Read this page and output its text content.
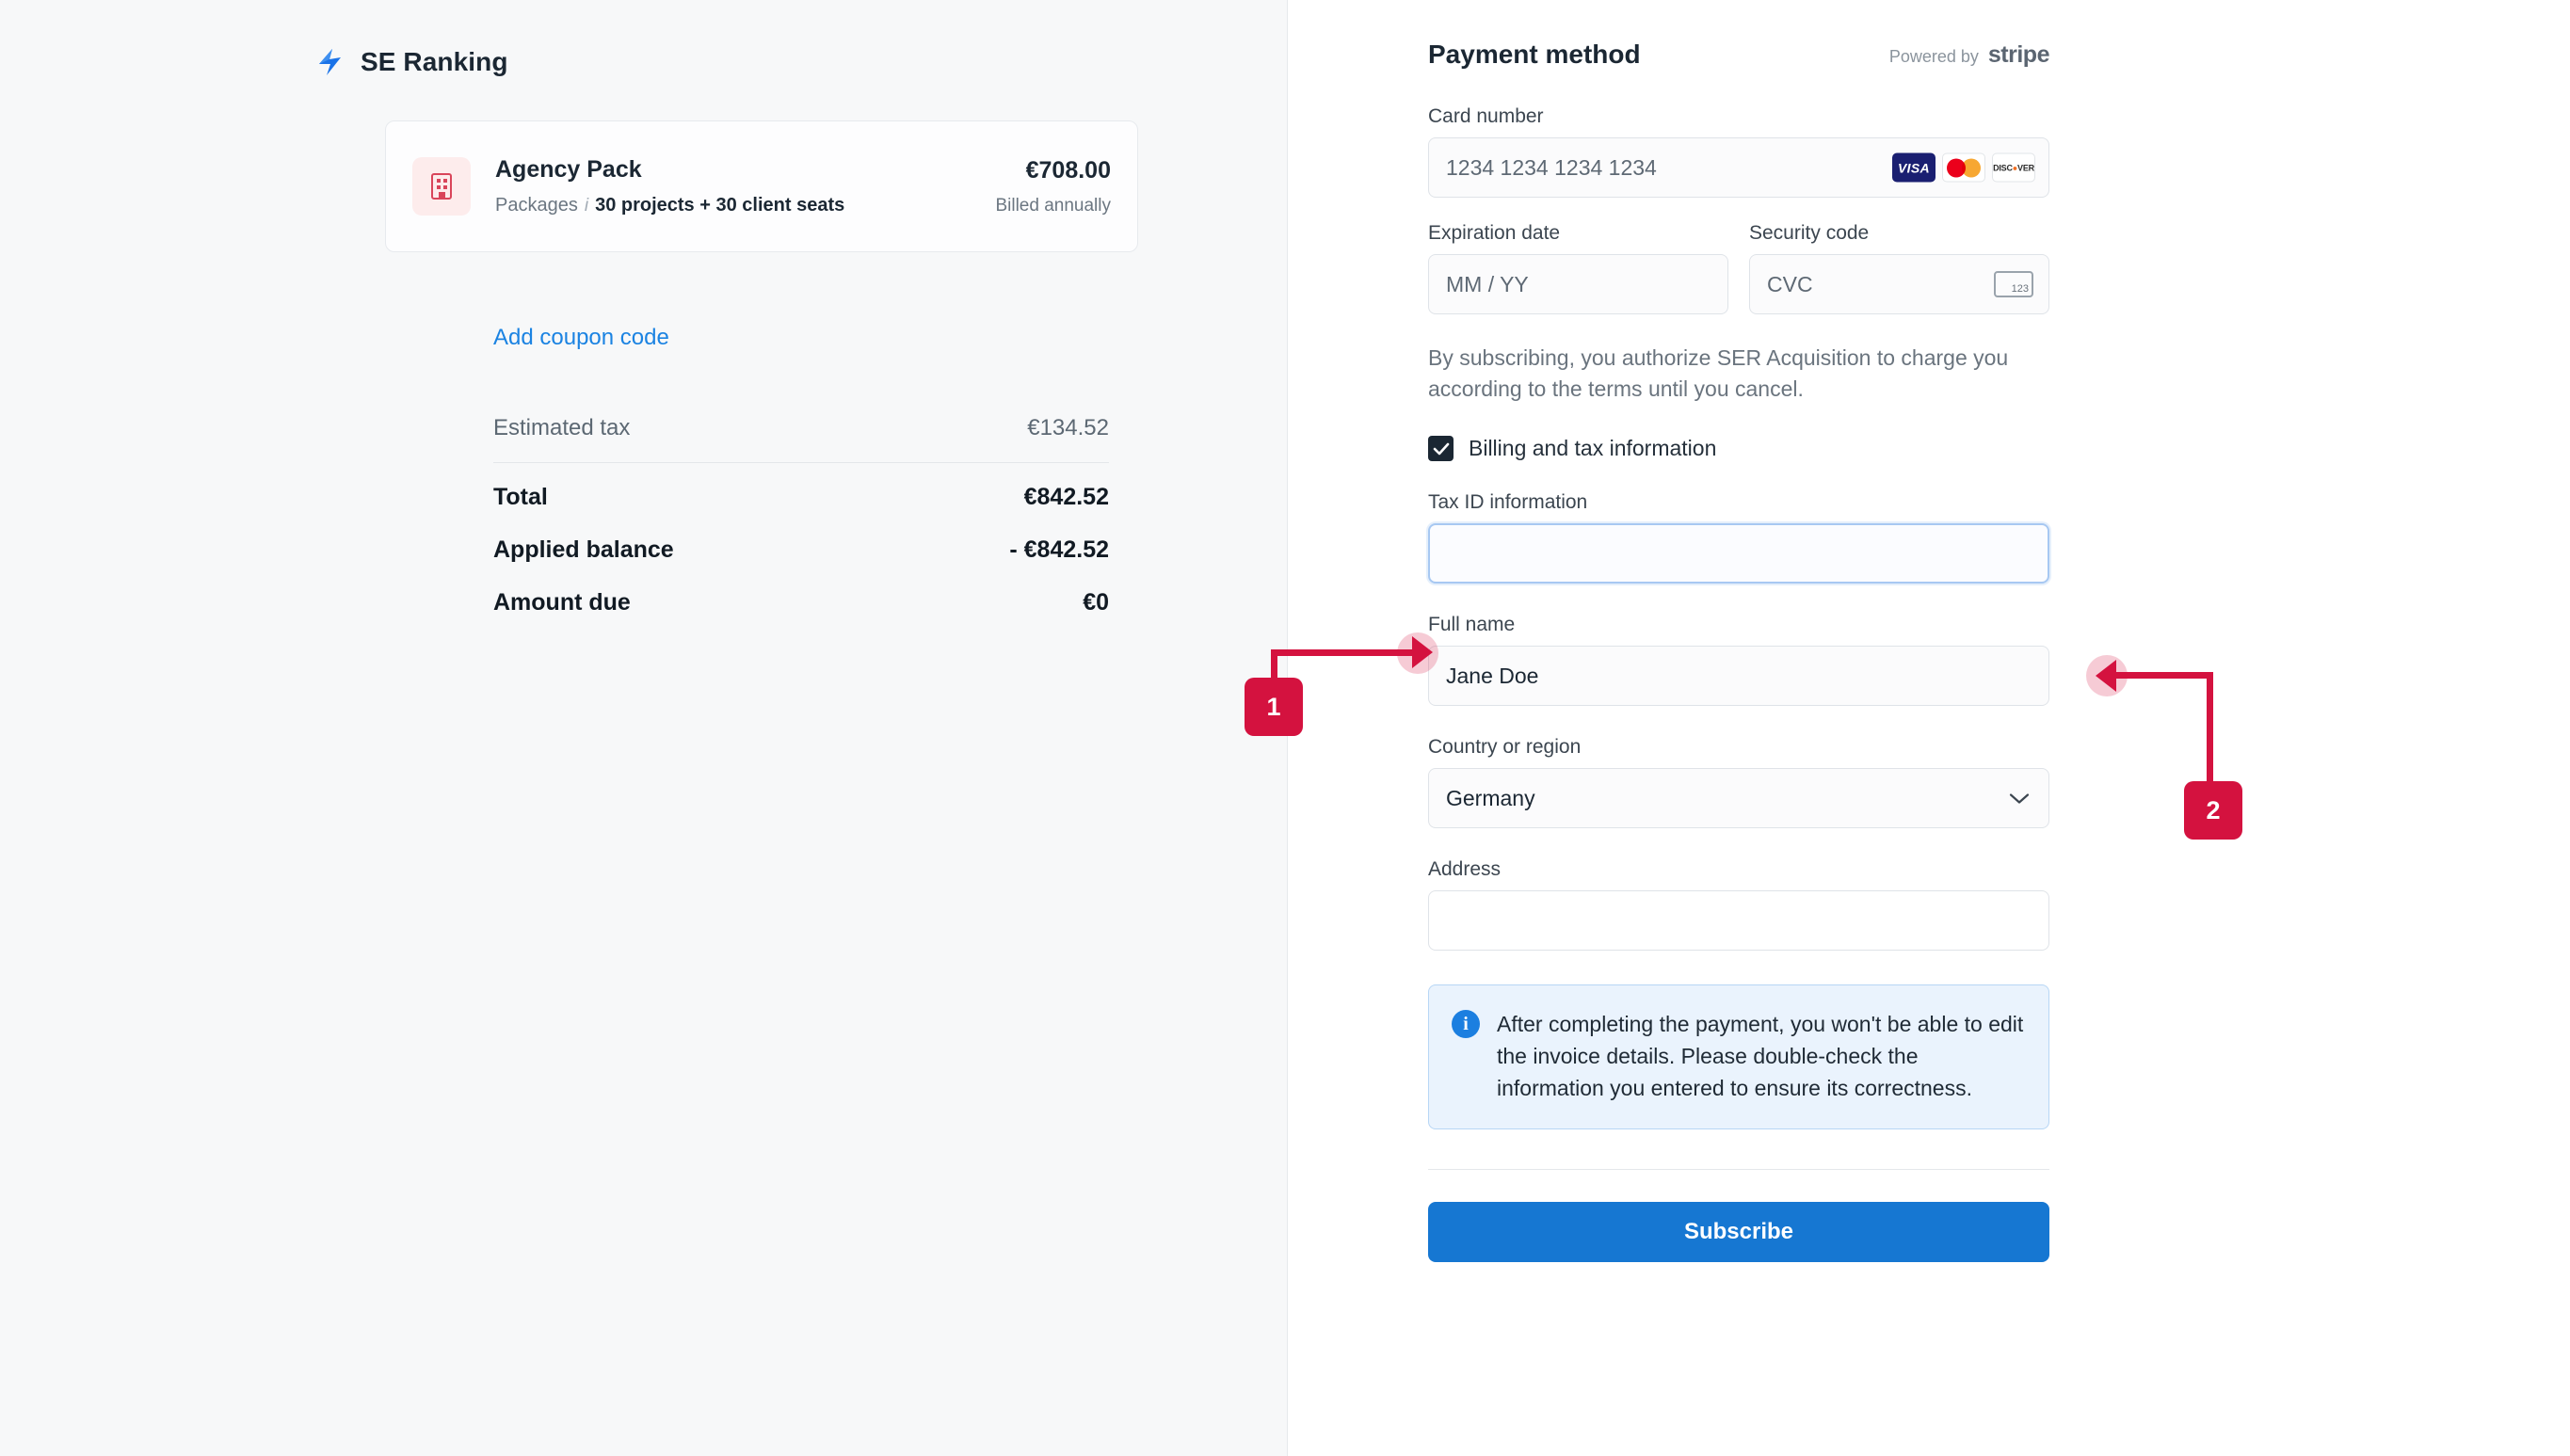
SE Ranking
Agency Pack
Packages i 30 projects + 30 client seats
€708.00
Billed annually
Add coupon code
Estimated tax	€134.52
Total	€842.52
Applied balance	- €842.52
Amount due	€0
Payment method	Powered by stripe
Card number
1234 1234 1234 1234	VISA	DISC ● VER
Expiration date
MM / YY
Security code
CVC	123
By subscribing, you authorize SER Acquisition to charge you according to the terms until you cancel.
Billing and tax information
Tax ID information
Full name
Jane Doe
Country or region
Germany
Address
i	After completing the payment, you won't be able to edit the invoice details. Please double-check the information you entered to ensure its correctness.
Subscribe
1
2
